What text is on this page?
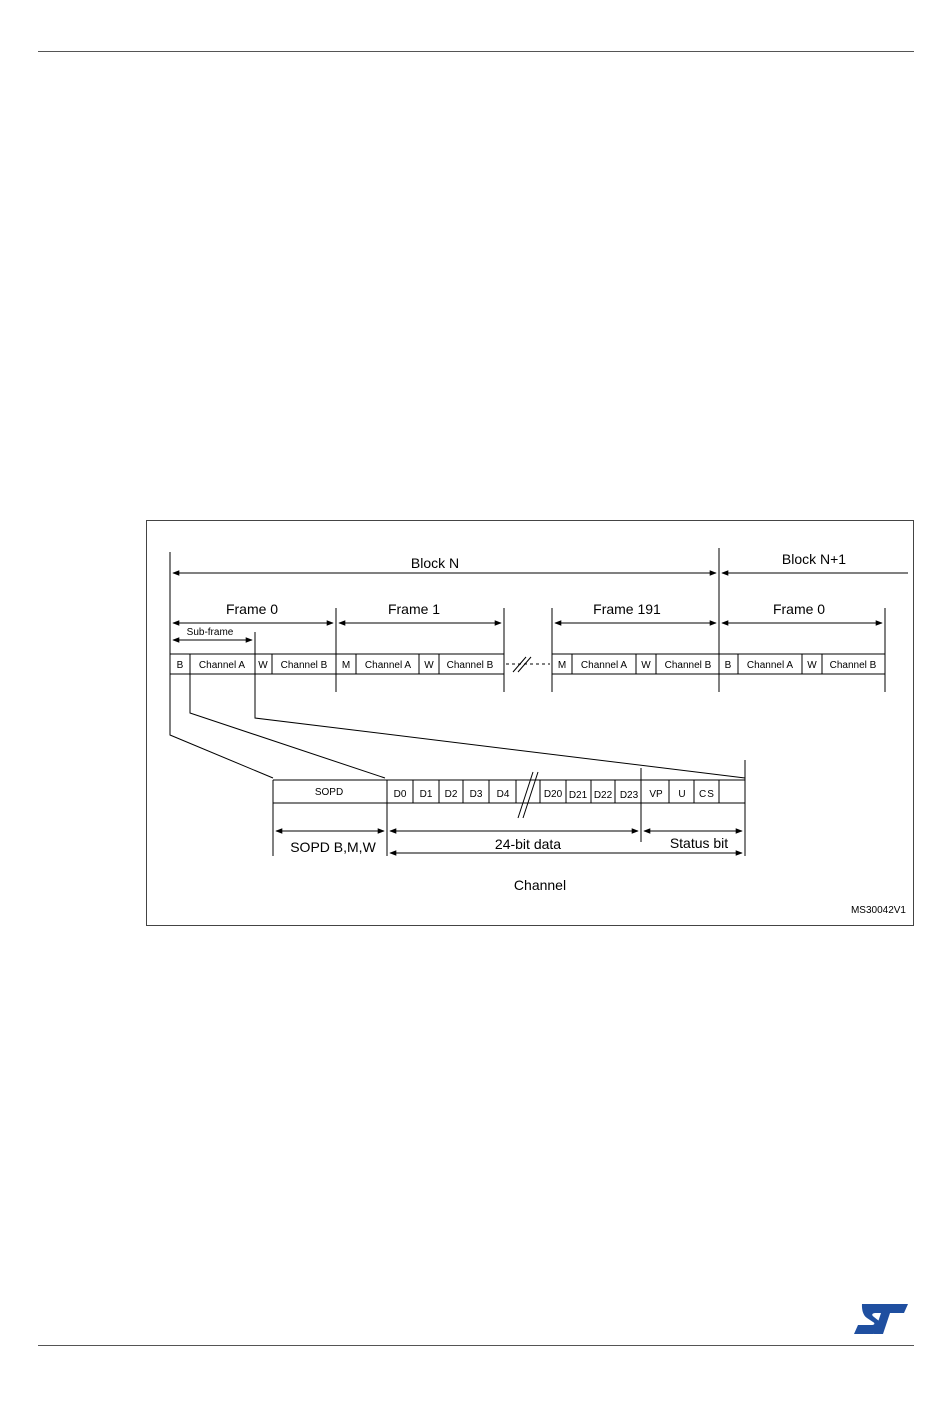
Block N	Block N+1
Frame 0	Frame 1	Frame 191	Frame 0
Sub-frame
B Channel A W Channel B M Channel A W Channel B	M Channel A W Channel B B Channel A W Channel B
SOPD	D0 D1 D2 D3 D4	D20 D21 D22 D23 VP U CS
SOPD B,M,W	24-bit data	Status bit
Channel
MS30042V1
